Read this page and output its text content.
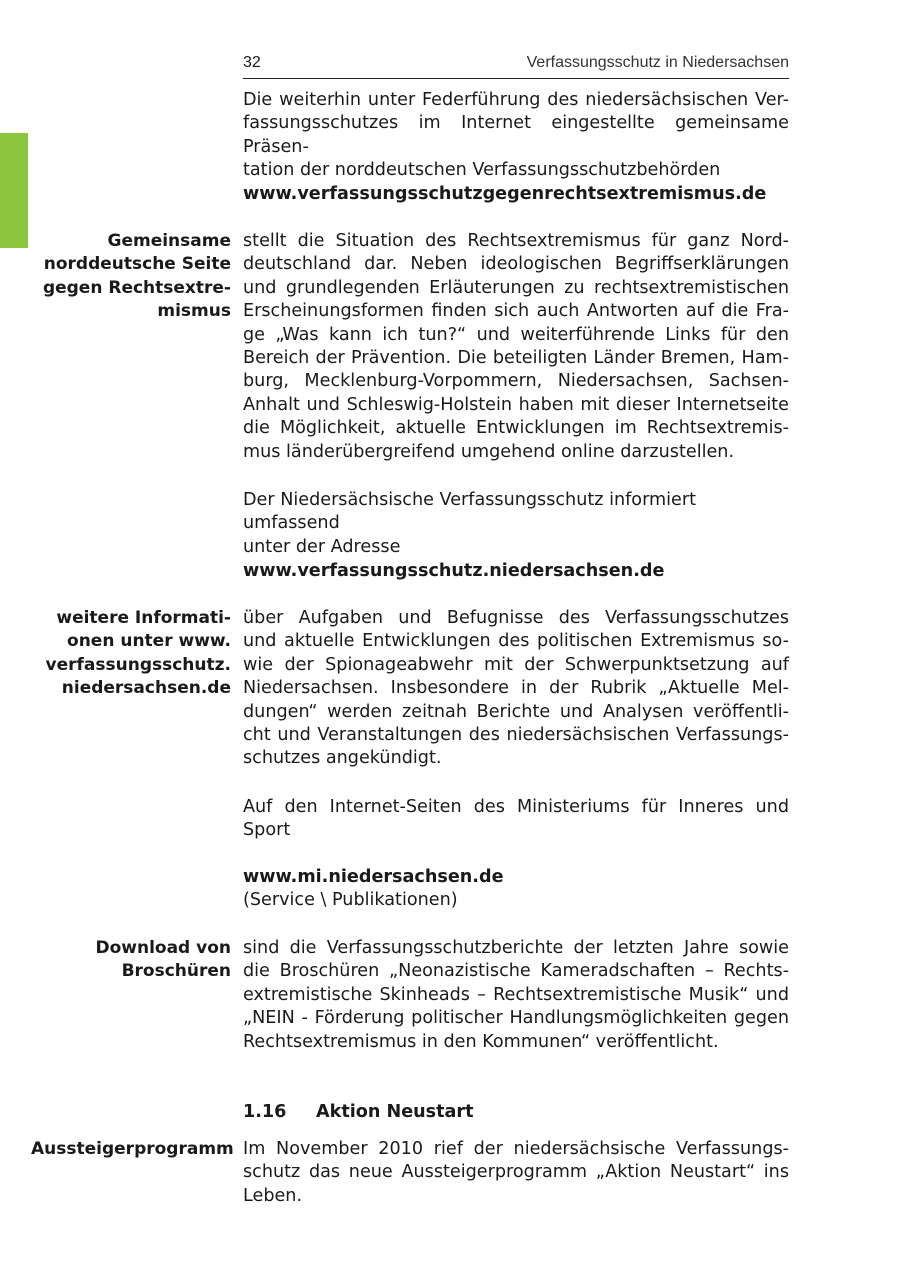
32	Verfassungsschutz in Niedersachsen
Die weiterhin unter Federführung des niedersächsischen Ver-
fassungsschutzes im Internet eingestellte gemeinsame Präsen-
tation der norddeutschen Verfassungsschutzbehörden
www.verfassungsschutzgegenrechtsextremismus.de
Gemeinsame
norddeutsche Seite
gegen Rechtsextre-
mismus
stellt die Situation des Rechtsextremismus für ganz Nord-
deutschland dar. Neben ideologischen Begriffserklärungen
und grundlegenden Erläuterungen zu rechtsextremistischen
Erscheinungsformen finden sich auch Antworten auf die Fra-
ge „Was kann ich tun?“ und weiterführende Links für den
Bereich der Prävention. Die beteiligten Länder Bremen, Ham-
burg, Mecklenburg-Vorpommern, Niedersachsen, Sachsen-
Anhalt und Schleswig-Holstein haben mit dieser Internetseite
die Möglichkeit, aktuelle Entwicklungen im Rechtsextremis-
mus länderübergreifend umgehend online darzustellen.
Der Niedersächsische Verfassungsschutz informiert umfassend
unter der Adresse
www.verfassungsschutz.niedersachsen.de
weitere Informati-
onen unter www.
verfassungsschutz.
niedersachsen.de
über Aufgaben und Befugnisse des Verfassungsschutzes
und aktuelle Entwicklungen des politischen Extremismus so-
wie der Spionageabwehr mit der Schwerpunktsetzung auf
Niedersachsen. Insbesondere in der Rubrik „Aktuelle Mel-
dungen“ werden zeitnah Berichte und Analysen veröffentli-
cht und Veranstaltungen des niedersächsischen Verfassungs-
schutzes angekündigt.
Auf den Internet-Seiten des Ministeriums für Inneres und
Sport
www.mi.niedersachsen.de
(Service \ Publikationen)
Download von
Broschüren
sind die Verfassungsschutzberichte der letzten Jahre sowie
die Broschüren „Neonazistische Kameradschaften – Rechts-
extremistische Skinheads – Rechtsextremistische Musik“ und
„NEIN - Förderung politischer Handlungsmöglichkeiten gegen
Rechtsextremismus in den Kommunen“ veröffentlicht.
1.16 Aktion Neustart
Aussteigerprogramm Im November 2010 rief der niedersächsische Verfassungs-
schutz das neue Aussteigerprogramm „Aktion Neustart“ ins
Leben.
